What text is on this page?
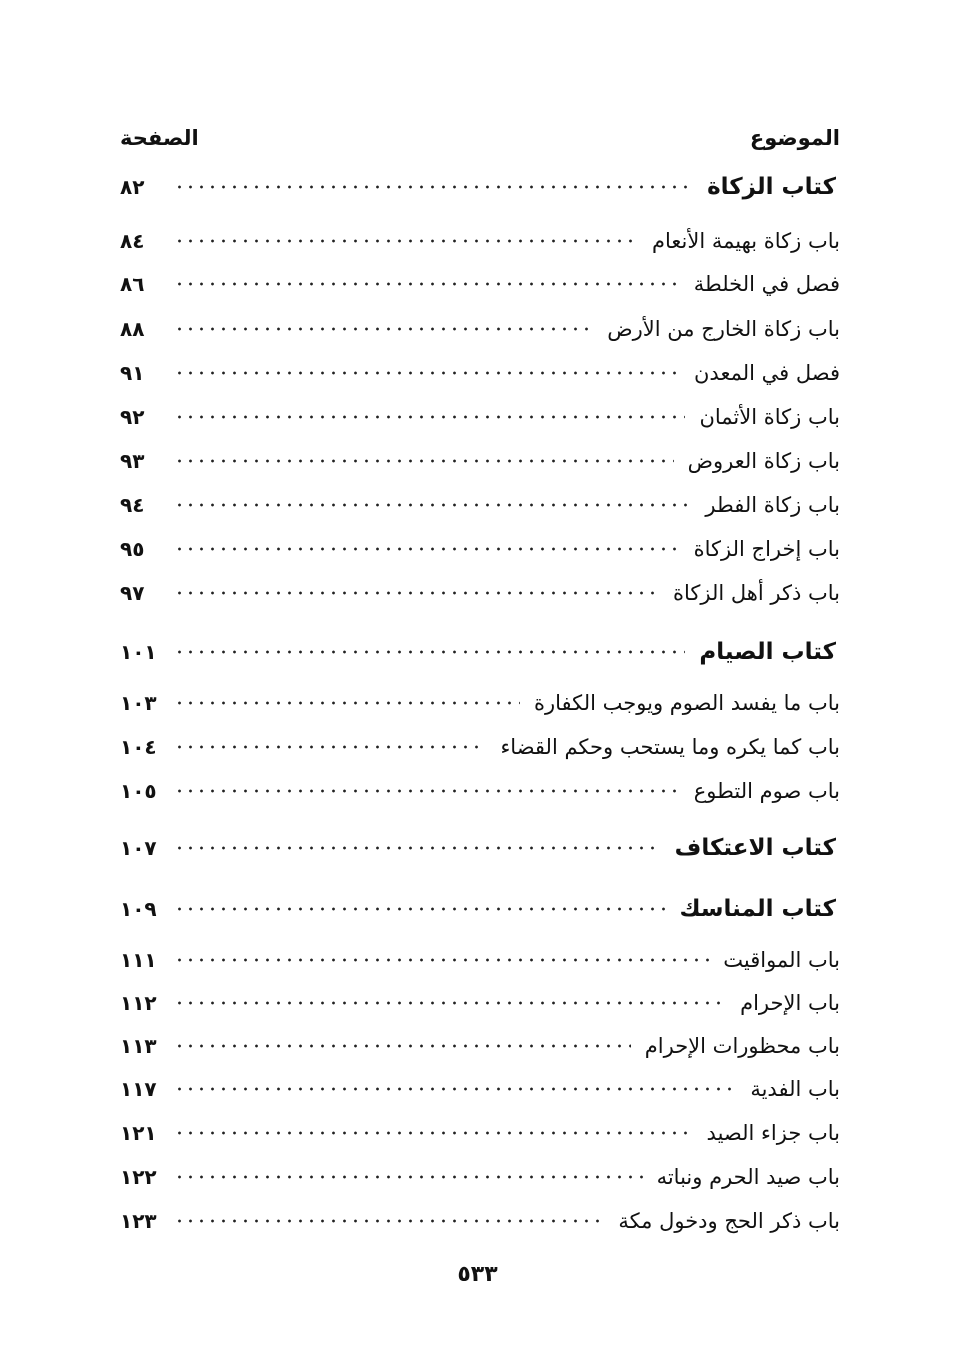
الموضوع
الصفحة
كتاب الزكاة
٨٢
باب زكاة بهيمة الأنعام
٨٤
فصل في الخلطة
٨٦
باب زكاة الخارج من الأرض
٨٨
فصل في المعدن
٩١
باب زكاة الأثمان
٩٢
باب زكاة العروض
٩٣
باب زكاة الفطر
٩٤
باب إخراج الزكاة
٩٥
باب ذكر أهل الزكاة
٩٧
كتاب الصيام
١٠١
باب ما يفسد الصوم ويوجب الكفارة
١٠٣
باب كما يكره وما يستحب وحكم القضاء
١٠٤
باب صوم التطوع
١٠٥
كتاب الاعتكاف
١٠٧
كتاب المناسك
١٠٩
باب المواقيت
١١١
باب الإحرام
١١٢
باب محظورات الإحرام
١١٣
باب الفدية
١١٧
باب جزاء الصيد
١٢١
باب صيد الحرم ونباته
١٢٢
باب ذكر الحج ودخول مكة
١٢٣
٥٣٣
